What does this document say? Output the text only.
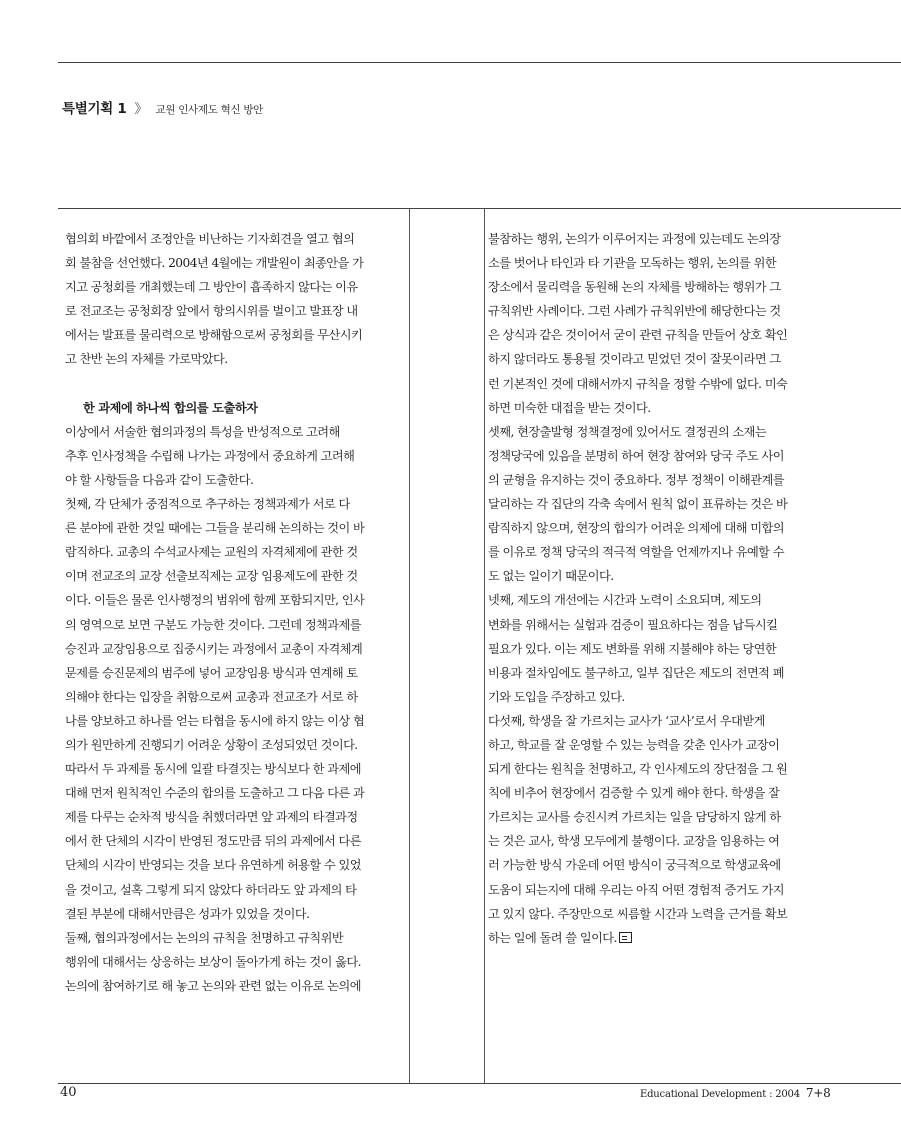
특별기획 1 》 교원 인사제도 혁신 방안
협의회 바깥에서 조정안을 비난하는 기자회견을 열고 협의
회 불참을 선언했다. 2004년 4월에는 개발원이 최종안을 가
지고 공청회를 개최했는데 그 방안이 흡족하지 않다는 이유
로 전교조는 공청회장 앞에서 항의시위를 벌이고 발표장 내
에서는 발표를 물리력으로 방해함으로써 공청회를 무산시키
고 찬반 논의 자체를 가로막았다.
한 과제에 하나씩 합의를 도출하자
이상에서 서술한 협의과정의 특성을 반성적으로 고려해
추후 인사정책을 수립해 나가는 과정에서 중요하게 고려해
야 할 사항들을 다음과 같이 도출한다.
첫째, 각 단체가 중점적으로 추구하는 정책과제가 서로 다
른 분야에 관한 것일 때에는 그들을 분리해 논의하는 것이 바
람직하다. 교총의 수석교사제는 교원의 자격체제에 관한 것
이며 전교조의 교장 선출보직제는 교장 임용제도에 관한 것
이다. 이들은 물론 인사행정의 범위에 함께 포함되지만, 인사
의 영역으로 보면 구분도 가능한 것이다. 그런데 정책과제를
승진과 교장임용으로 집중시키는 과정에서 교총이 자격체계
문제를 승진문제의 범주에 넣어 교장임용 방식과 연계해 토
의해야 한다는 입장을 취함으로써 교총과 전교조가 서로 하
나를 양보하고 하나를 얻는 타협을 동시에 하지 않는 이상 협
의가 원만하게 진행되기 어려운 상황이 조성되었던 것이다.
따라서 두 과제를 동시에 일괄 타결짓는 방식보다 한 과제에
대해 먼저 원칙적인 수준의 합의를 도출하고 그 다음 다른 과
제를 다루는 순차적 방식을 취했더라면 앞 과제의 타결과정
에서 한 단체의 시각이 반영된 정도만큼 뒤의 과제에서 다른
단체의 시각이 반영되는 것을 보다 유연하게 허용할 수 있었
을 것이고, 설혹 그렇게 되지 않았다 하더라도 앞 과제의 타
결된 부분에 대해서만큼은 성과가 있었을 것이다.
둘째, 협의과정에서는 논의의 규칙을 천명하고 규칙위반
행위에 대해서는 상응하는 보상이 돌아가게 하는 것이 옳다.
논의에 참여하기로 해 놓고 논의와 관련 없는 이유로 논의에
불참하는 행위, 논의가 이루어지는 과정에 있는데도 논의장
소를 벗어나 타인과 타 기관을 모독하는 행위, 논의를 위한
장소에서 물리력을 동원해 논의 자체를 방해하는 행위가 그
규칙위반 사례이다. 그런 사례가 규칙위반에 해당한다는 것
은 상식과 같은 것이어서 굳이 관련 규칙을 만들어 상호 확인
하지 않더라도 통용될 것이라고 믿었던 것이 잘못이라면 그
런 기본적인 것에 대해서까지 규칙을 정할 수밖에 없다. 미숙
하면 미숙한 대접을 받는 것이다.
셋째, 현장출발형 정책결정에 있어서도 결정권의 소재는
정책당국에 있음을 분명히 하여 현장 참여와 당국 주도 사이
의 균형을 유지하는 것이 중요하다. 정부 정책이 이해관계를
달리하는 각 집단의 각축 속에서 원칙 없이 표류하는 것은 바
람직하지 않으며, 현장의 합의가 어려운 의제에 대해 미합의
를 이유로 정책 당국의 적극적 역할을 언제까지나 유예할 수
도 없는 일이기 때문이다.
넷째, 제도의 개선에는 시간과 노력이 소요되며, 제도의
변화를 위해서는 실험과 검증이 필요하다는 점을 납득시킬
필요가 있다. 이는 제도 변화를 위해 지불해야 하는 당연한
비용과 절차임에도 불구하고, 일부 집단은 제도의 전면적 폐
기와 도입을 주장하고 있다.
다섯째, 학생을 잘 가르치는 교사가 ‘교사’로서 우대받게
하고, 학교를 잘 운영할 수 있는 능력을 갖춘 인사가 교장이
되게 한다는 원칙을 천명하고, 각 인사제도의 장단점을 그 원
칙에 비추어 현장에서 검증할 수 있게 해야 한다. 학생을 잘
가르치는 교사를 승진시켜 가르치는 일을 담당하지 않게 하
는 것은 교사, 학생 모두에게 불행이다. 교장을 임용하는 여
러 가능한 방식 가운데 어떤 방식이 궁극적으로 학생교육에
도움이 되는지에 대해 우리는 아직 어떤 경험적 증거도 가지
고 있지 않다. 주장만으로 씨름할 시간과 노력을 근거를 확보
하는 일에 돌려 쓸 일이다.
40	Educational Development : 2004 7+8
